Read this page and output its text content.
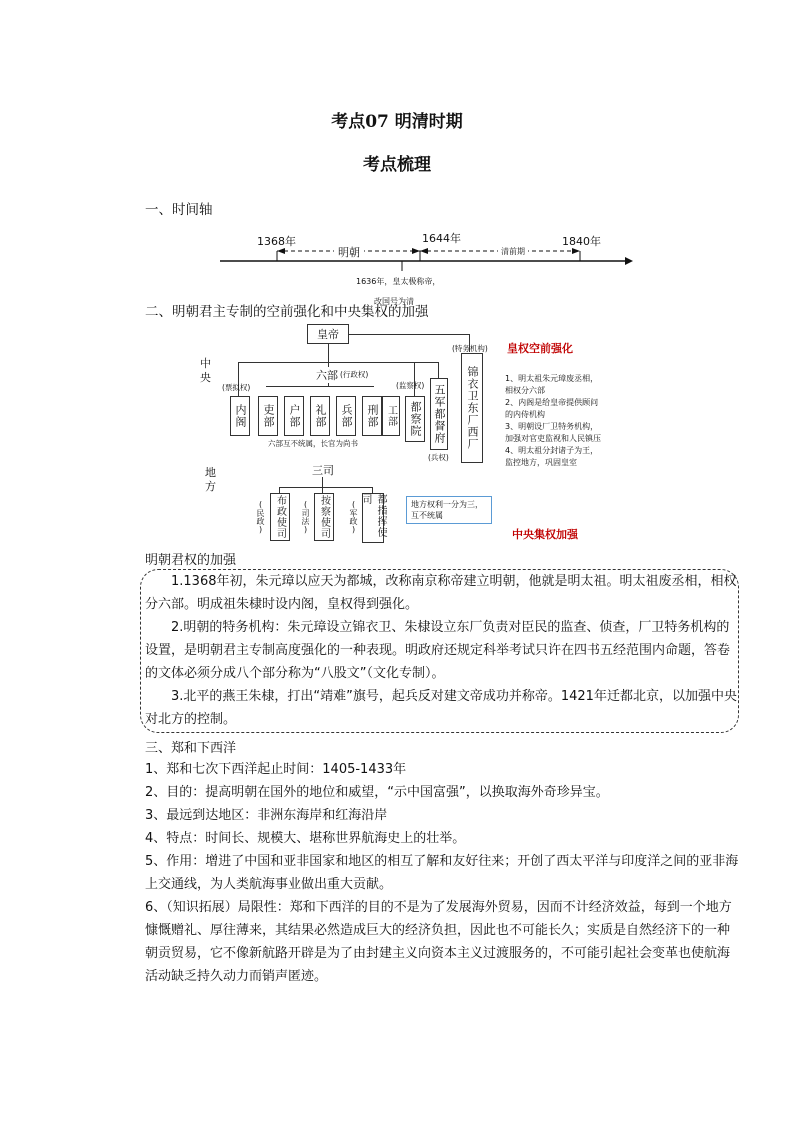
考点07 明清时期
考点梳理
一、时间轴
1368年	1644年	1840年
明朝	清前期
1636年，皇太极称帝，
改国号为清
二、明朝君主专制的空前强化和中央集权的加强
皇帝
中央	六部 (行政权)
(票拟权)	(监察权)
内阁	吏部	户部	礼部	兵部	刑部 工部	都察院 五军都督府
(兵权)
六部互不统属，长官为尚书
(特务机构)
锦衣卫东厂西厂
皇权空前强化
1、明太祖朱元璋废丞相，相权分六部
2、内阁是给皇帝提供顾问的内侍机构
3、明朝设厂卫特务机构，加强对官吏监视和人民镇压
4、明太祖分封诸子为王，监控地方，巩固皇室
地方
三司
(民政) 布政使司	(司法) 按察使司	(军政)	都指挥使司	地方权利一分为三，互不统属
中央集权加强
明朝君权的加强

1.1368年初，朱元璋以应天为都城，改称南京称帝建立明朝，他就是明太祖。明太祖废丞相，相权分六部。明成祖朱棣时设内阁，皇权得到强化。

2.明朝的特务机构：朱元璋设立锦衣卫、朱棣设立东厂负责对臣民的监查、侦查，厂卫特务机构的设置，是明朝君主专制高度强化的一种表现。明政府还规定科举考试只许在四书五经范围内命题，答卷的文体必须分成八个部分称为“八股文”（文化专制）。

3.北平的燕王朱棣，打出“靖难”旗号，起兵反对建文帝成功并称帝。1421年迁都北京，以加强中央对北方的控制。

三、郑和下西洋

1、郑和七次下西洋起止时间：1405-1433年

2、目的：提高明朝在国外的地位和威望，“示中国富强”，以换取海外奇珍异宝。

3、最远到达地区：非洲东海岸和红海沿岸

4、特点：时间长、规模大、堪称世界航海史上的壮举。

5、作用：增进了中国和亚非国家和地区的相互了解和友好往来；开创了西太平洋与印度洋之间的亚非海上交通线，为人类航海事业做出重大贡献。

6、（知识拓展）局限性：郑和下西洋的目的不是为了发展海外贸易，因而不计经济效益，每到一个地方慷慨赠礼、厚往薄来，其结果必然造成巨大的经济负担，因此也不可能长久；实质是自然经济下的一种朝贡贸易，它不像新航路开辟是为了由封建主义向资本主义过渡服务的，不可能引起社会变革也使航海活动缺乏持久动力而销声匿迹。
